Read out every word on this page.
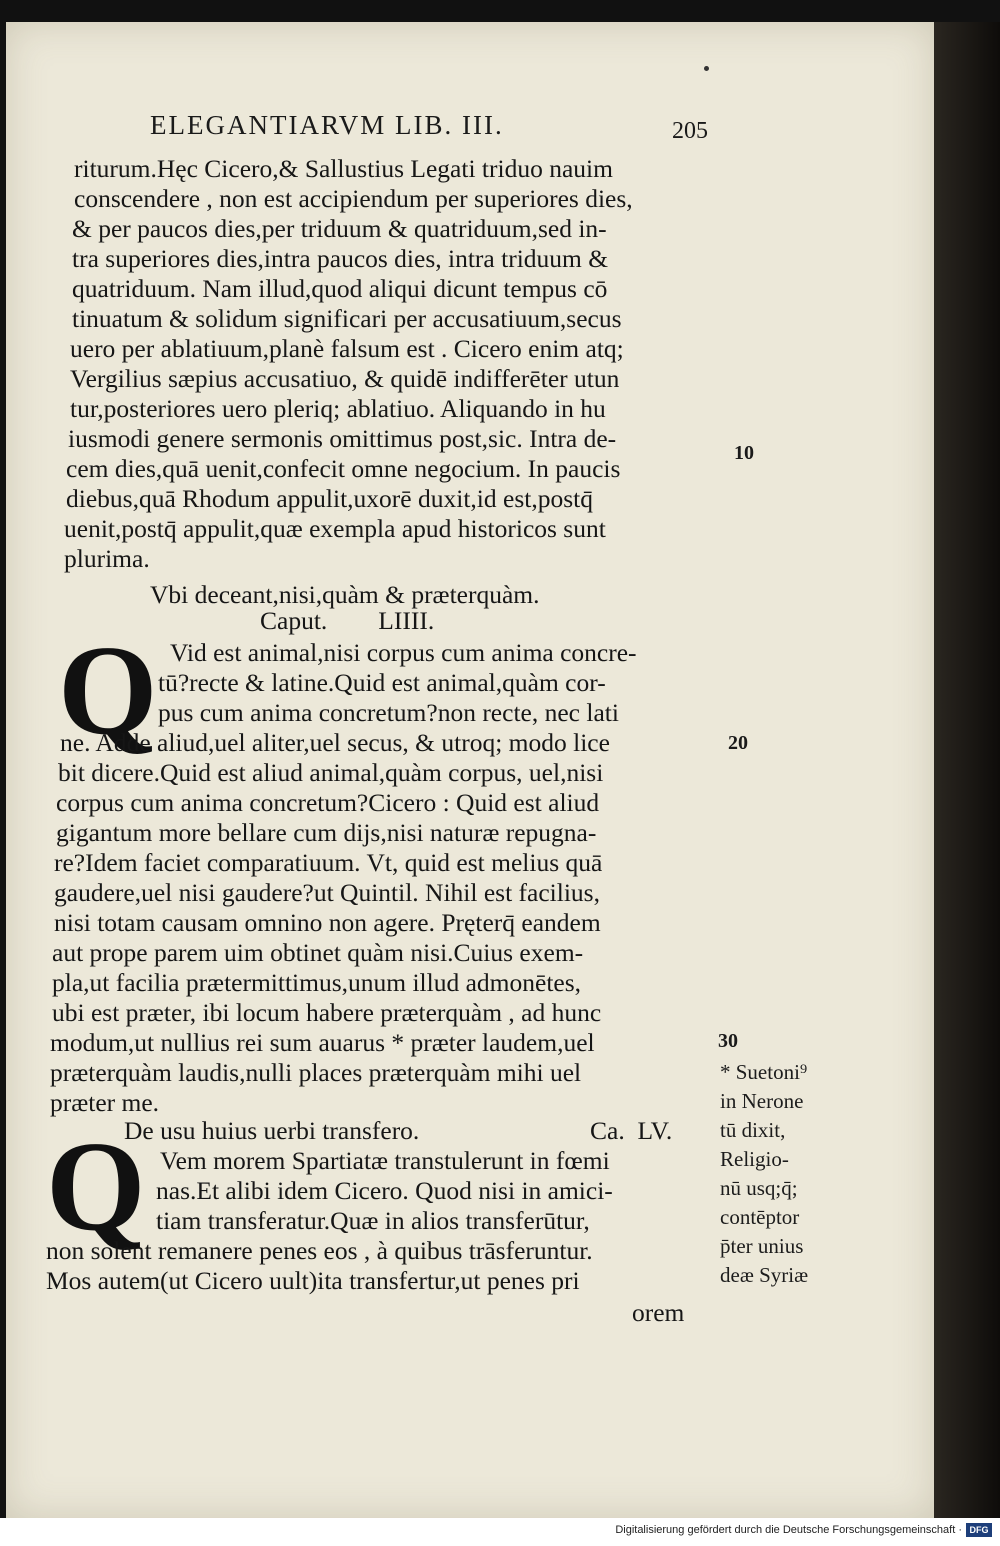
ELEGANTIARVM LIB. III.	205
riturum.Hęc Cicero,& Sallustius Legati triduo nauim
conscendere , non est accipiendum per superiores dies,
& per paucos dies,per triduum & quatriduum,sed in-
tra superiores dies,intra paucos dies, intra triduum &
quatriduum. Nam illud,quod aliqui dicunt tempus cō
tinuatum & solidum significari per accusatiuum,secus
uero per ablatiuum,planè falsum est . Cicero enim atq;
Vergilius sæpius accusatiuo, & quidē indifferēter utun
tur,posteriores uero pleriq; ablatiuo. Aliquando in hu
iusmodi genere sermonis omittimus post,sic. Intra de-
cem dies,quā uenit,confecit omne negocium. In paucis
diebus,quā Rhodum appulit,uxorē duxit,id est,postq̄
uenit,postq̄ appulit,quæ exempla apud historicos sunt
plurima.
Vbi deceant,nisi,quàm & præterquàm.
Caput.        LIIII.
Q Vid est animal,nisi corpus cum anima concre-
tū?recte & latine.Quid est animal,quàm cor-
pus cum anima concretum?non recte, nec lati
ne. Adde aliud,uel aliter,uel secus, & utroq; modo lice
bit dicere.Quid est aliud animal,quàm corpus, uel,nisi
corpus cum anima concretum?Cicero : Quid est aliud
gigantum more bellare cum dijs,nisi naturæ repugna-
re?Idem faciet comparatiuum. Vt, quid est melius quā
gaudere,uel nisi gaudere?ut Quintil. Nihil est facilius,
nisi totam causam omnino non agere. Pręterq̄ eandem
aut prope parem uim obtinet quàm nisi.Cuius exem-
pla,ut facilia prætermittimus,unum illud admonētes,
ubi est præter, ibi locum habere præterquàm , ad hunc
modum,ut nullius rei sum auarus * præter laudem,uel
præterquàm laudis,nulli places præterquàm mihi uel
præter me.
De usu huius uerbi transfero.	Ca.  LV.
Q Vem morem Spartiatæ transtulerunt in fœmi
nas.Et alibi idem Cicero. Quod nisi in amici-
tiam transferatur.Quæ in alios transferūtur,
non solent remanere penes eos , à quibus trāsferuntur.
Mos autem(ut Cicero uult)ita transfertur,ut penes pri
orem
10
20
30
* Suetoni⁹
in Nerone
tū dixit,
Religio-
nū usq;q̄;
contēptor
p̄ter unius
deæ Syriæ
Digitalisierung gefördert durch die Deutsche Forschungsgemeinschaft · DFG
